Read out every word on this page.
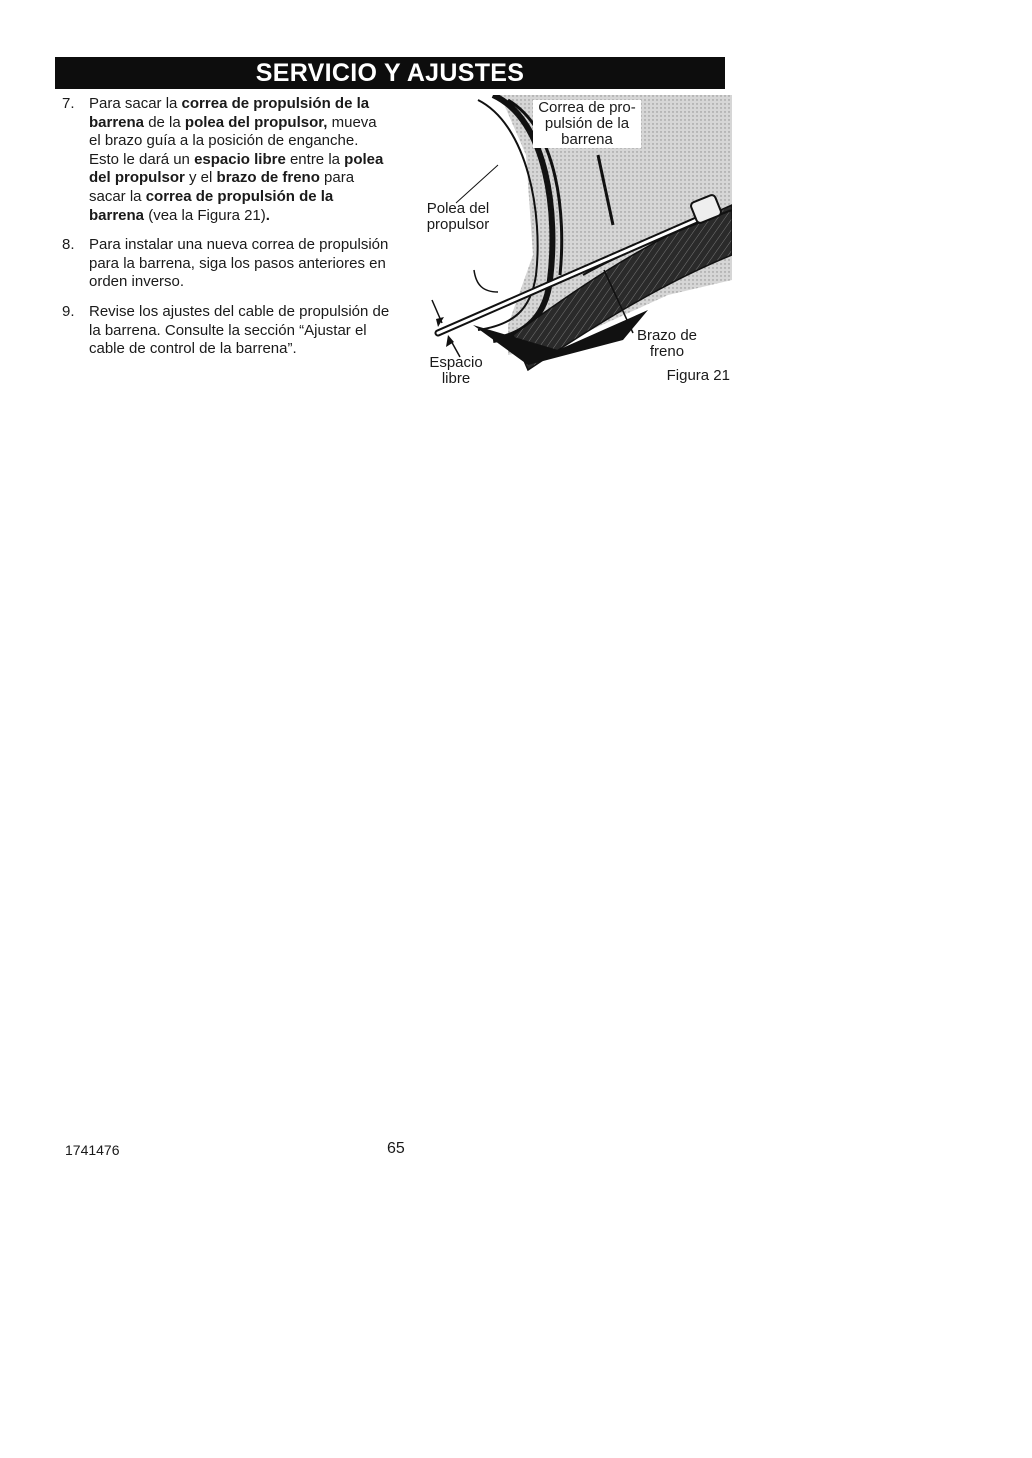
SERVICIO Y AJUSTES
7. Para sacar la correa de propulsión de la barrena de la polea del propulsor, mueva el brazo guía a la posición de enganche. Esto le dará un espacio libre entre la polea del propulsor y el brazo de freno para sacar la correa de propulsión de la barrena (vea la Figura 21).
8. Para instalar una nueva correa de propulsión para la barrena, siga los pasos anteriores en orden inverso.
9. Revise los ajustes del cable de propulsión de la barrena. Consulte la sección “Ajustar el cable de control de la barrena”.
Correa de pro- pulsión de la barrena
Polea del propulsor
Espacio libre
Brazo de freno
Figura 21
1741476	65
